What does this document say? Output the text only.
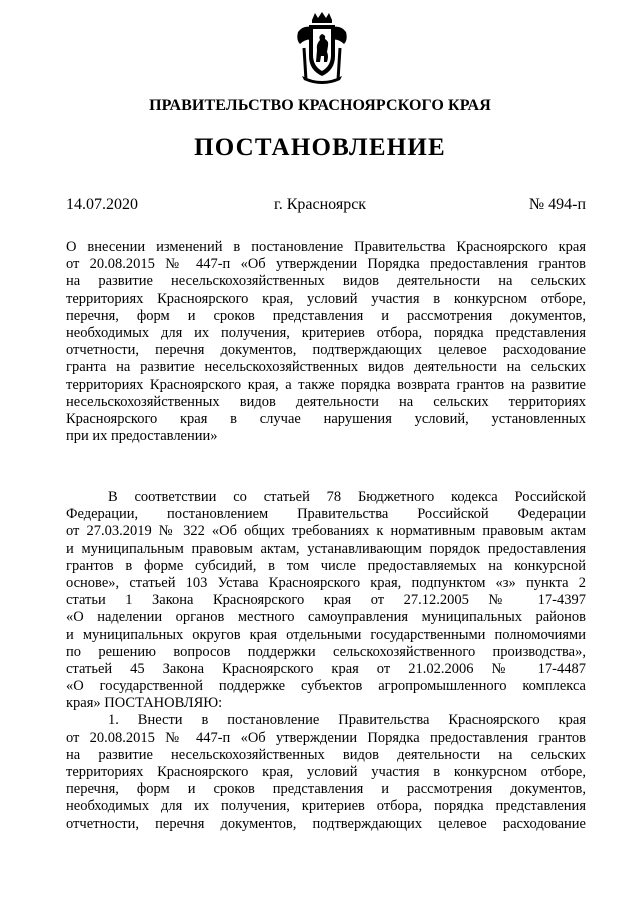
ПРАВИТЕЛЬСТВО КРАСНОЯРСКОГО КРАЯ
ПОСТАНОВЛЕНИЕ
14.07.2020	г. Красноярск	№ 494-п
О внесении изменений в постановление Правительства Красноярского края
от 20.08.2015 № 447-п «Об утверждении Порядка предоставления грантов
на развитие несельскохозяйственных видов деятельности на сельских
территориях Красноярского края, условий участия в конкурсном отборе,
перечня, форм и сроков представления и рассмотрения документов,
необходимых для их получения, критериев отбора, порядка представления
отчетности, перечня документов, подтверждающих целевое расходование
гранта на развитие несельскохозяйственных видов деятельности на сельских
территориях Красноярского края, а также порядка возврата грантов на развитие
несельскохозяйственных видов деятельности на сельских территориях
Красноярского края в случае нарушения условий, установленных
при их предоставлении»
В соответствии со статьей 78 Бюджетного кодекса Российской
Федерации, постановлением Правительства Российской Федерации
от 27.03.2019 № 322 «Об общих требованиях к нормативным правовым актам
и муниципальным правовым актам, устанавливающим порядок предоставления
грантов в форме субсидий, в том числе предоставляемых на конкурсной
основе», статьей 103 Устава Красноярского края, подпунктом «з» пункта 2
статьи 1 Закона Красноярского края от 27.12.2005 № 17-4397
«О наделении органов местного самоуправления муниципальных районов
и муниципальных округов края отдельными государственными полномочиями
по решению вопросов поддержки сельскохозяйственного производства»,
статьей 45 Закона Красноярского края от 21.02.2006 № 17-4487
«О государственной поддержке субъектов агропромышленного комплекса
края» ПОСТАНОВЛЯЮ:
1. Внести в постановление Правительства Красноярского края
от 20.08.2015 № 447-п «Об утверждении Порядка предоставления грантов
на развитие несельскохозяйственных видов деятельности на сельских
территориях Красноярского края, условий участия в конкурсном отборе,
перечня, форм и сроков представления и рассмотрения документов,
необходимых для их получения, критериев отбора, порядка представления
отчетности, перечня документов, подтверждающих целевое расходование
